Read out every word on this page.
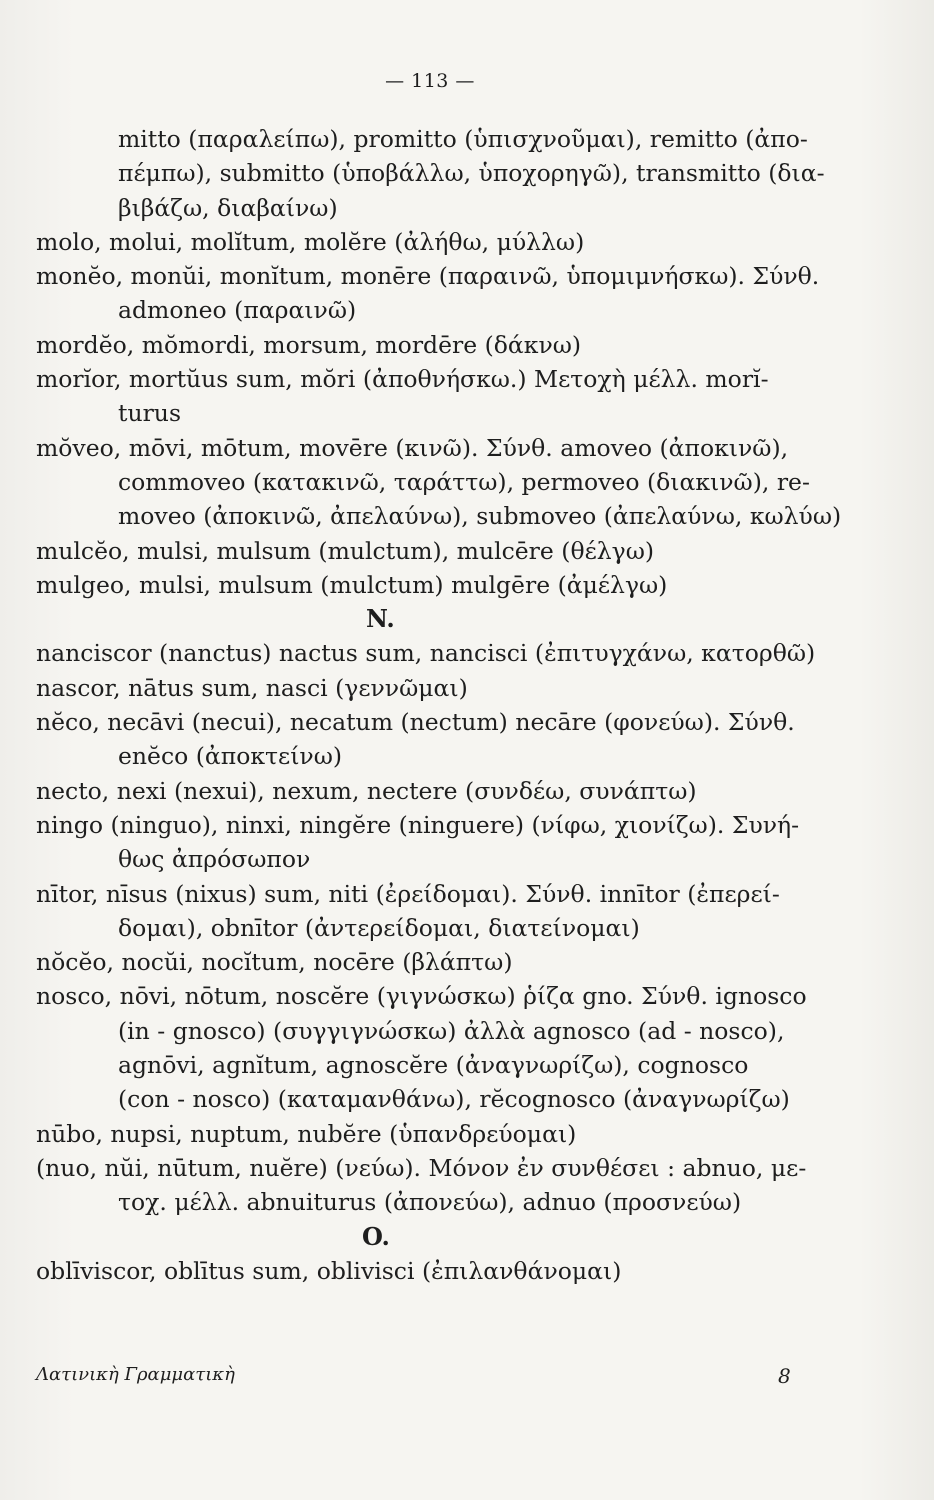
— 113 —
mitto (παραλείπω), promitto (ὑπισχνοῦμαι), remitto (ἀπο-
πέμπω), submitto (ὑποβάλλω, ὑποχορηγῶ), transmitto (δια-
βιβάζω, διαβαίνω)
molo, molui, molĭtum, molĕre (ἀλήθω, μύλλω)
monĕo, monŭi, monĭtum, monēre (παραινῶ, ὑπομιμνήσκω). Σύνθ.
admoneo (παραινῶ)
mordĕo, mŏmordi, morsum, mordēre (δάκνω)
morĭor, mortŭus sum, mŏri (ἀποθνήσκω.) Μετοχὴ μέλλ. morĭ-
turus
mŏveo, mōvi, mōtum, movēre (κινῶ). Σύνθ. amoveo (ἀποκινῶ),
commoveo (κατακινῶ, ταράττω), permoveo (διακινῶ), re-
moveo (ἀποκινῶ, ἀπελαύνω), submoveo (ἀπελαύνω, κωλύω)
mulcĕo, mulsi, mulsum (mulctum), mulcēre (θέλγω)
mulgeo, mulsi, mulsum (mulctum) mulgēre (ἀμέλγω)
N.
nanciscor (nanctus) nactus sum, nancisci (ἐπιτυγχάνω, κατορθῶ)
nascor, nātus sum, nasci (γεννῶμαι)
nĕco, necāvi (necui), necatum (nectum) necāre (φονεύω). Σύνθ.
enĕco (ἀποκτείνω)
necto, nexi (nexui), nexum, nectere (συνδέω, συνάπτω)
ningo (ninguo), ninxi, ningĕre (ninguere) (νίφω, χιονίζω). Συνή-
θως ἀπρόσωπον
nītor, nīsus (nixus) sum, niti (ἐρείδομαι). Σύνθ. innītor (ἐπερεί-
δομαι), obnītor (ἀντερείδομαι, διατείνομαι)
nŏcĕo, nocŭi, nocĭtum, nocēre (βλάπτω)
nosco, nōvi, nōtum, noscĕre (γιγνώσκω) ῥίζα gno. Σύνθ. ignosco
(in - gnosco) (συγγιγνώσκω) ἀλλὰ agnosco (ad - nosco),
agnōvi, agnĭtum, agnoscĕre (ἀναγνωρίζω), cognosco
(con - nosco) (καταμανθάνω), rĕcognosco (ἀναγνωρίζω)
nūbo, nupsi, nuptum, nubĕre (ὑπανδρεύομαι)
(nuo, nŭi, nūtum, nuĕre) (νεύω). Μόνον ἐν συνθέσει : abnuo, με-
τοχ. μέλλ. abnuiturus (ἀπονεύω), adnuo (προσνεύω)
O.
oblīviscor, oblītus sum, oblivisci (ἐπιλανθάνομαι)
Λατινικὴ Γραμματικὴ	8
